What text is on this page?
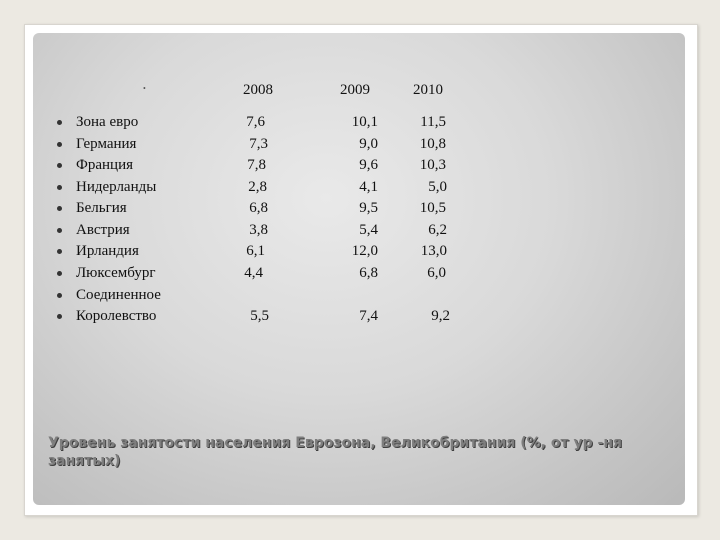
•	2008	2009	2010
Зона евро	7,6	10,1	11,5
Германия	7,3	9,0	10,8
Франция	7,8	9,6	10,3
Нидерланды	2,8	4,1	5,0
Бельгия	6,8	9,5	10,5
Австрия	3,8	5,4	6,2
Ирландия	6,1	12,0	13,0
Люксембург	4,4	6,8	6,0
Соединенное
Королевство	5,5	7,4	9,2
Уровень занятости населения Еврозона, Великобритания (%, от ур -ня занятых)
